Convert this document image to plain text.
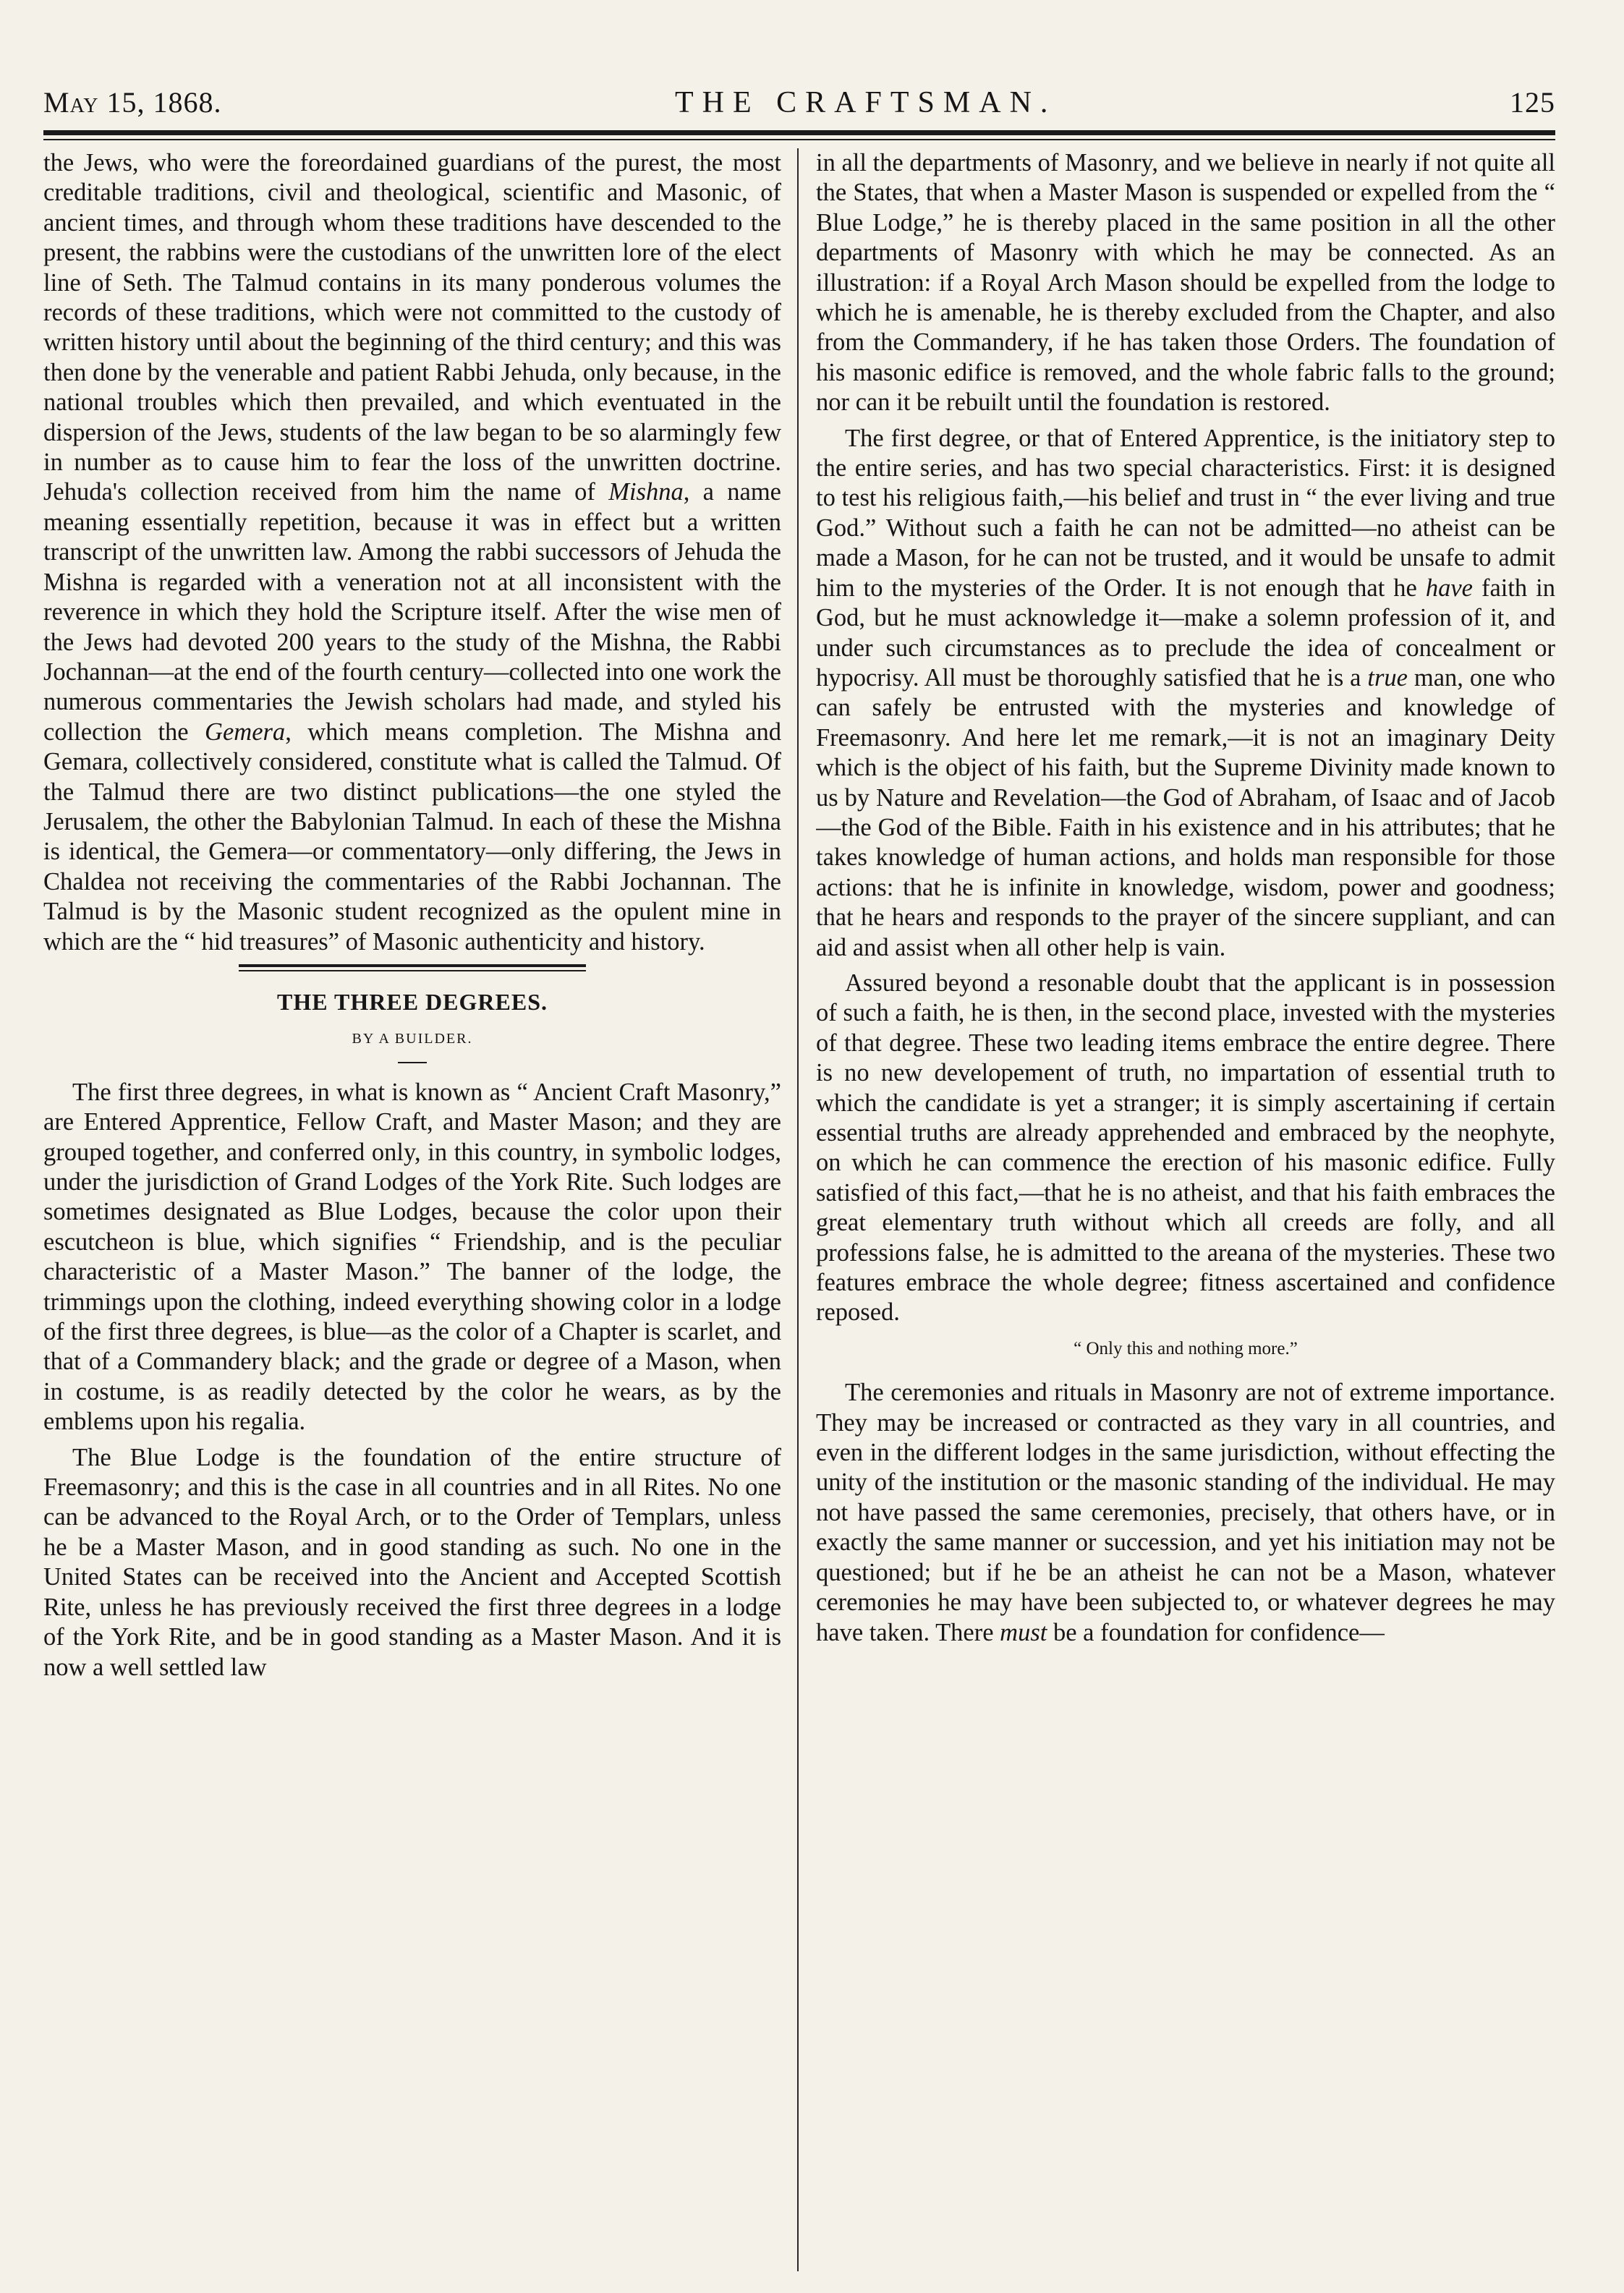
May 15, 1868.	THE CRAFTSMAN.	125

the Jews, who were the foreordained guardians of the purest, the most creditable traditions, civil and theological, scientific and Masonic, of ancient times, and through whom these traditions have descended to the present, the rabbins were the custodians of the unwritten lore of the elect line of Seth. The Talmud contains in its many ponderous volumes the records of these traditions, which were not committed to the custody of written history until about the beginning of the third century; and this was then done by the venerable and patient Rabbi Jehuda, only because, in the national troubles which then prevailed, and which eventuated in the dispersion of the Jews, students of the law began to be so alarmingly few in number as to cause him to fear the loss of the unwritten doctrine. Jehuda's collection received from him the name of Mishna, a name meaning essentially repetition, because it was in effect but a written transcript of the unwritten law. Among the rabbi successors of Jehuda the Mishna is regarded with a veneration not at all inconsistent with the reverence in which they hold the Scripture itself. After the wise men of the Jews had devoted 200 years to the study of the Mishna, the Rabbi Jochannan—at the end of the fourth century—collected into one work the numerous commentaries the Jewish scholars had made, and styled his collection the Gemera, which means completion. The Mishna and Gemara, collectively considered, constitute what is called the Talmud. Of the Talmud there are two distinct publications—the one styled the Jerusalem, the other the Babylonian Talmud. In each of these the Mishna is identical, the Gemera—or commentatory—only differing, the Jews in Chaldea not receiving the commentaries of the Rabbi Jochannan. The Talmud is by the Masonic student recognized as the opulent mine in which are the “ hid treasures” of Masonic authenticity and history.

THE THREE DEGREES.
BY A BUILDER.

The first three degrees, in what is known as “ Ancient Craft Masonry,” are Entered Apprentice, Fellow Craft, and Master Mason; and they are grouped together, and conferred only, in this country, in symbolic lodges, under the jurisdiction of Grand Lodges of the York Rite. Such lodges are sometimes designated as Blue Lodges, because the color upon their escutcheon is blue, which signifies “ Friendship, and is the peculiar characteristic of a Master Mason.” The banner of the lodge, the trimmings upon the clothing, indeed everything showing color in a lodge of the first three degrees, is blue—as the color of a Chapter is scarlet, and that of a Commandery black; and the grade or degree of a Mason, when in costume, is as readily detected by the color he wears, as by the emblems upon his regalia.

The Blue Lodge is the foundation of the entire structure of Freemasonry; and this is the case in all countries and in all Rites. No one can be advanced to the Royal Arch, or to the Order of Templars, unless he be a Master Mason, and in good standing as such. No one in the United States can be received into the Ancient and Accepted Scottish Rite, unless he has previously received the first three degrees in a lodge of the York Rite, and be in good standing as a Master Mason. And it is now a well settled law

in all the departments of Masonry, and we believe in nearly if not quite all the States, that when a Master Mason is suspended or expelled from the “ Blue Lodge,” he is thereby placed in the same position in all the other departments of Masonry with which he may be connected. As an illustration: if a Royal Arch Mason should be expelled from the lodge to which he is amenable, he is thereby excluded from the Chapter, and also from the Commandery, if he has taken those Orders. The foundation of his masonic edifice is removed, and the whole fabric falls to the ground; nor can it be rebuilt until the foundation is restored.

The first degree, or that of Entered Apprentice, is the initiatory step to the entire series, and has two special characteristics. First: it is designed to test his religious faith,—his belief and trust in “ the ever living and true God.” Without such a faith he can not be admitted—no atheist can be made a Mason, for he can not be trusted, and it would be unsafe to admit him to the mysteries of the Order. It is not enough that he have faith in God, but he must acknowledge it—make a solemn profession of it, and under such circumstances as to preclude the idea of concealment or hypocrisy. All must be thoroughly satisfied that he is a true man, one who can safely be entrusted with the mysteries and knowledge of Freemasonry. And here let me remark,—it is not an imaginary Deity which is the object of his faith, but the Supreme Divinity made known to us by Nature and Revelation—the God of Abraham, of Isaac and of Jacob—the God of the Bible. Faith in his existence and in his attributes; that he takes knowledge of human actions, and holds man responsible for those actions: that he is infinite in knowledge, wisdom, power and goodness; that he hears and responds to the prayer of the sincere suppliant, and can aid and assist when all other help is vain.

Assured beyond a resonable doubt that the applicant is in possession of such a faith, he is then, in the second place, invested with the mysteries of that degree. These two leading items embrace the entire degree. There is no new developement of truth, no impartation of essential truth to which the candidate is yet a stranger; it is simply ascertaining if certain essential truths are already apprehended and embraced by the neophyte, on which he can commence the erection of his masonic edifice. Fully satisfied of this fact,—that he is no atheist, and that his faith embraces the great elementary truth without which all creeds are folly, and all professions false, he is admitted to the areana of the mysteries. These two features embrace the whole degree; fitness ascertained and confidence reposed.

“ Only this and nothing more.”

The ceremonies and rituals in Masonry are not of extreme importance. They may be increased or contracted as they vary in all countries, and even in the different lodges in the same jurisdiction, without effecting the unity of the institution or the masonic standing of the individual. He may not have passed the same ceremonies, precisely, that others have, or in exactly the same manner or succession, and yet his initiation may not be questioned; but if he be an atheist he can not be a Mason, whatever ceremonies he may have been subjected to, or whatever degrees he may have taken. There must be a foundation for confidence—
